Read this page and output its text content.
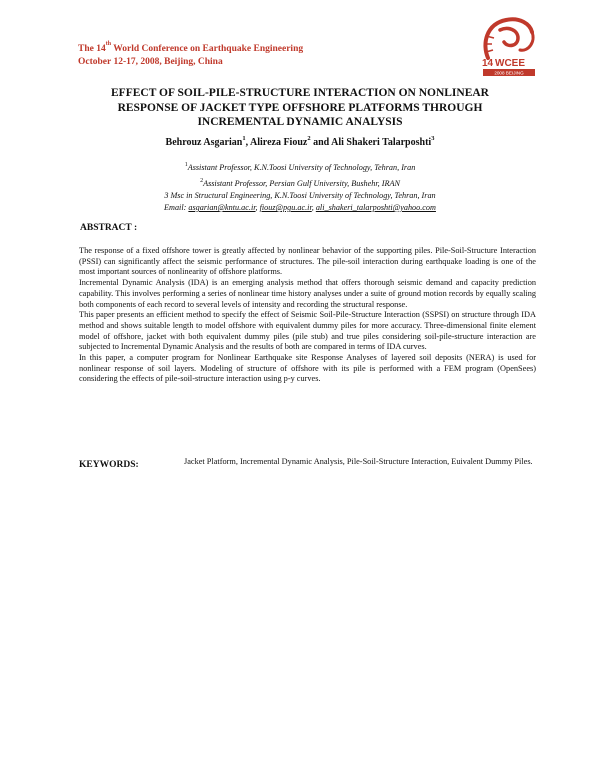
The 14th World Conference on Earthquake Engineering
October 12-17, 2008, Beijing, China	14 WCEE
2008 BEIJING
EFFECT OF SOIL-PILE-STRUCTURE INTERACTION ON NONLINEAR
RESPONSE OF JACKET TYPE OFFSHORE PLATFORMS THROUGH
INCREMENTAL DYNAMIC ANALYSIS
Behrouz Asgarian$^1$, Alireza Fiouz$^2$ and Ali Shakeri Talarposhti$^3$
$^1$Assistant Professor, K.N.Toosi University of Technology, Tehran, Iran
$^2$Assistant Professor, Persian Gulf University, Bushehr, IRAN
3 Msc in Structural Engineering, K.N.Toosi University of Technology, Tehran, Iran
Email: asgarian@kntu.ac.ir, fiouz@pgu.ac.ir, ali_shakeri_talarposhti@yahoo.com
ABSTRACT :

The response of a fixed offshore tower is greatly affected by nonlinear behavior of the supporting piles. Pile-Soil-Structure Interaction (PSSI) can significantly affect the seismic performance of structures. The pile-soil interaction during earthquake loading is one of the most important sources of nonlinearity of offshore platforms.

Incremental Dynamic Analysis (IDA) is an emerging analysis method that offers thorough seismic demand and capacity prediction capability. This involves performing a series of nonlinear time history analyses under a suite of ground motion records by equally scaling both components of each record to several levels of intensity and recording the structural response.

This paper presents an efficient method to specify the effect of Seismic Soil-Pile-Structure Interaction (SSPSI) on structure through IDA method and shows suitable length to model offshore with equivalent dummy piles for more accuracy. Three-dimensional finite element model of offshore, jacket with both equivalent dummy piles (pile stub) and true piles considering soil-pile-structure interaction are subjected to Incremental Dynamic Analysis and the results of both are compared in terms of IDA curves.

In this paper, a computer program for Nonlinear Earthquake site Response Analyses of layered soil deposits (NERA) is used for nonlinear response of soil layers. Modeling of structure of offshore with its pile is performed with a FEM program (OpenSees) considering the effects of pile-soil-structure interaction using p-y curves.

KEYWORDS:	Jacket Platform, Incremental Dynamic Analysis, Pile-Soil-Structure Interaction, Euivalent Dummy Piles.
